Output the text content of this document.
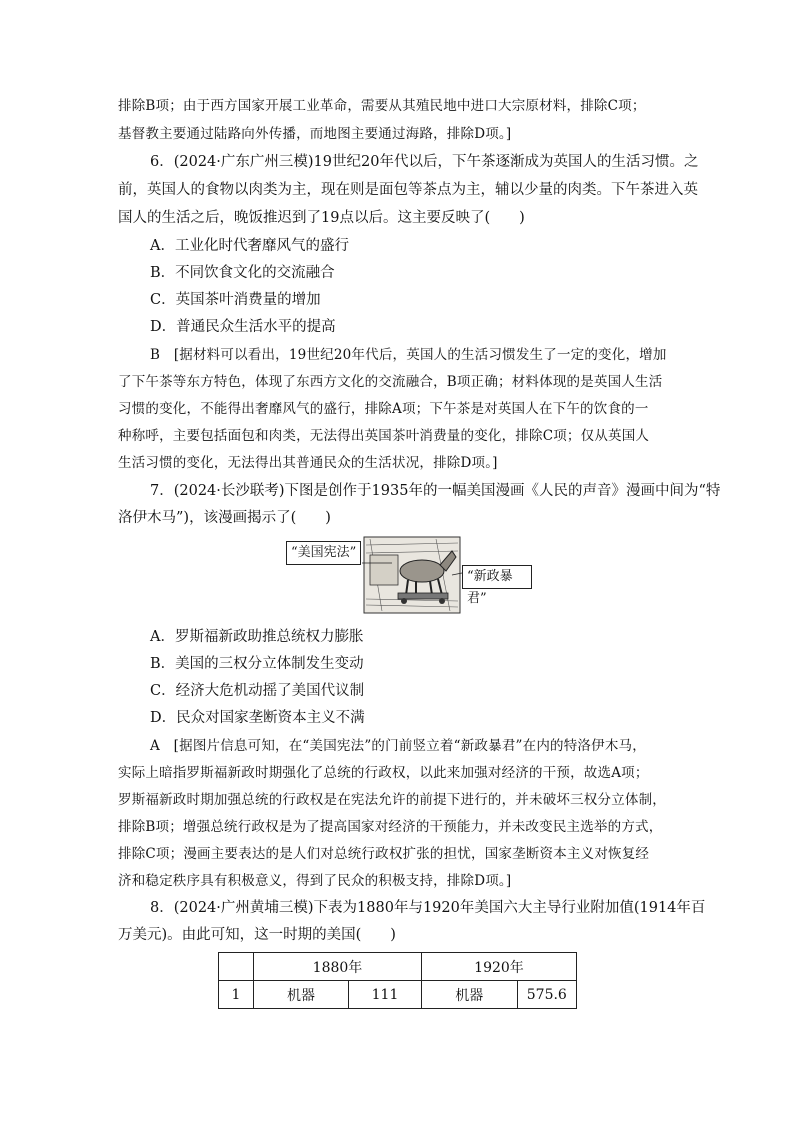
排除B项；由于西方国家开展工业革命，需要从其殖民地中进口大宗原材料，排除C项；
基督教主要通过陆路向外传播，而地图主要通过海路，排除D项。]
6．(2024·广东广州三模)19世纪20年代以后，下午茶逐渐成为英国人的生活习惯。之
前，英国人的食物以肉类为主，现在则是面包等茶点为主，辅以少量的肉类。下午茶进入英
国人的生活之后，晚饭推迟到了19点以后。这主要反映了(　　)
A．工业化时代奢靡风气的盛行
B．不同饮食文化的交流融合
C．英国茶叶消费量的增加
D．普通民众生活水平的提高
B　[据材料可以看出，19世纪20年代后，英国人的生活习惯发生了一定的变化，增加
了下午茶等东方特色，体现了东西方文化的交流融合，B项正确；材料体现的是英国人生活
习惯的变化，不能得出奢靡风气的盛行，排除A项；下午茶是对英国人在下午的饮食的一
种称呼，主要包括面包和肉类，无法得出英国茶叶消费量的变化，排除C项；仅从英国人
生活习惯的变化，无法得出其普通民众的生活状况，排除D项。]
7．(2024·长沙联考)下图是创作于1935年的一幅美国漫画《人民的声音》漫画中间为“特
洛伊木马”)，该漫画揭示了(　　)
A．罗斯福新政助推总统权力膨胀
B．美国的三权分立体制发生变动
C．经济大危机动摇了美国代议制
D．民众对国家垄断资本主义不满
A　[据图片信息可知，在“美国宪法”的门前竖立着“新政暴君”在内的特洛伊木马，
实际上暗指罗斯福新政时期强化了总统的行政权，以此来加强对经济的干预，故选A项；
罗斯福新政时期加强总统的行政权是在宪法允许的前提下进行的，并未破坏三权分立体制，
排除B项；增强总统行政权是为了提高国家对经济的干预能力，并未改变民主选举的方式，
排除C项；漫画主要表达的是人们对总统行政权扩张的担忧，国家垄断资本主义对恢复经
济和稳定秩序具有积极意义，得到了民众的积极支持，排除D项。]
8．(2024·广州黄埔三模)下表为1880年与1920年美国六大主导行业附加值(1914年百
万美元)。由此可知，这一时期的美国(　　)
“美国宪法”
“新政暴君”
	1880年		1920年	
1	机器	111	机器	575.6
